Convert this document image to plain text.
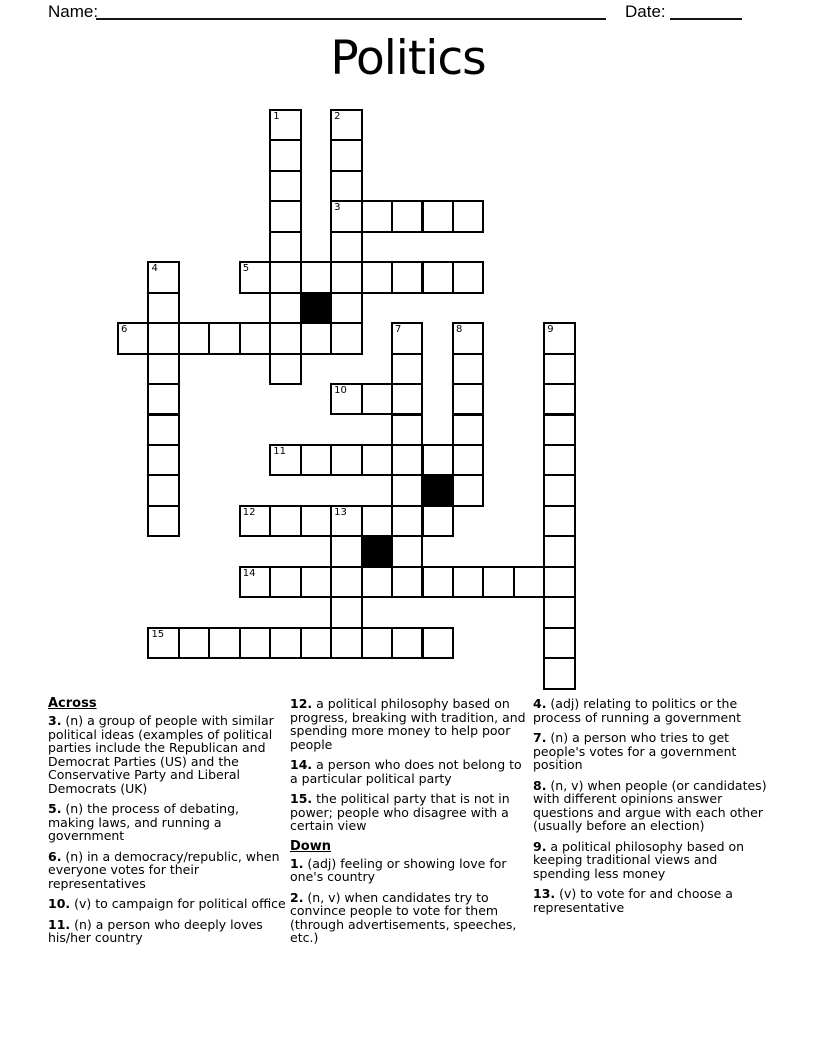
Name:	Date:
Politics
1	2
3
4	5
6	7	8	9
10
11
12	13
14
15
Across

3. (n) a group of people with similar political ideas (examples of political parties include the Republican and Democrat Parties (US) and the Conservative Party and Liberal Democrats (UK)

5. (n) the process of debating, making laws, and running a government

6. (n) in a democracy/republic, when everyone votes for their representatives

10. (v) to campaign for political office

11. (n) a person who deeply loves his/her country

12. a political philosophy based on progress, breaking with tradition, and spending more money to help poor people

14. a person who does not belong to a particular political party

15. the political party that is not in power; people who disagree with a certain view

Down

1. (adj) feeling or showing love for one's country

2. (n, v) when candidates try to convince people to vote for them (through advertisements, speeches, etc.)

4. (adj) relating to politics or the process of running a government

7. (n) a person who tries to get people's votes for a government position

8. (n, v) when people (or candidates) with different opinions answer questions and argue with each other (usually before an election)

9. a political philosophy based on keeping traditional views and spending less money

13. (v) to vote for and choose a representative
